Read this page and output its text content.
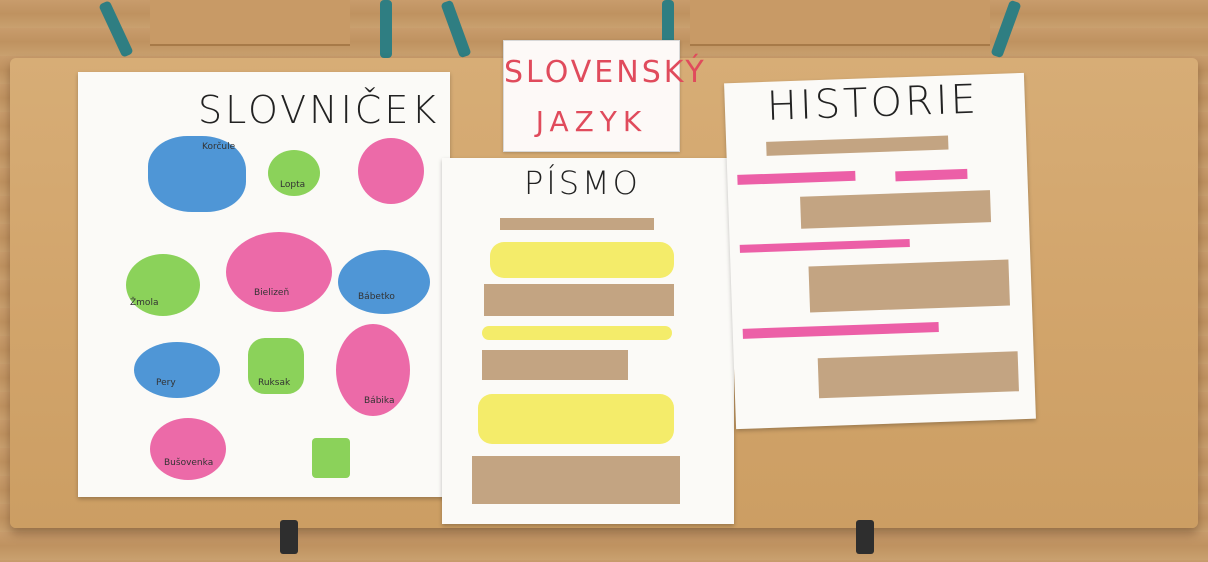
SLOVNIČEK
Korčule
Lopta
Žmola
Bielizeň	Bábetko
Pery	Ruksak
Bábika
Bušovenka
SLOVENSKÝ
JAZYK
PÍSMO
HISTORIE
